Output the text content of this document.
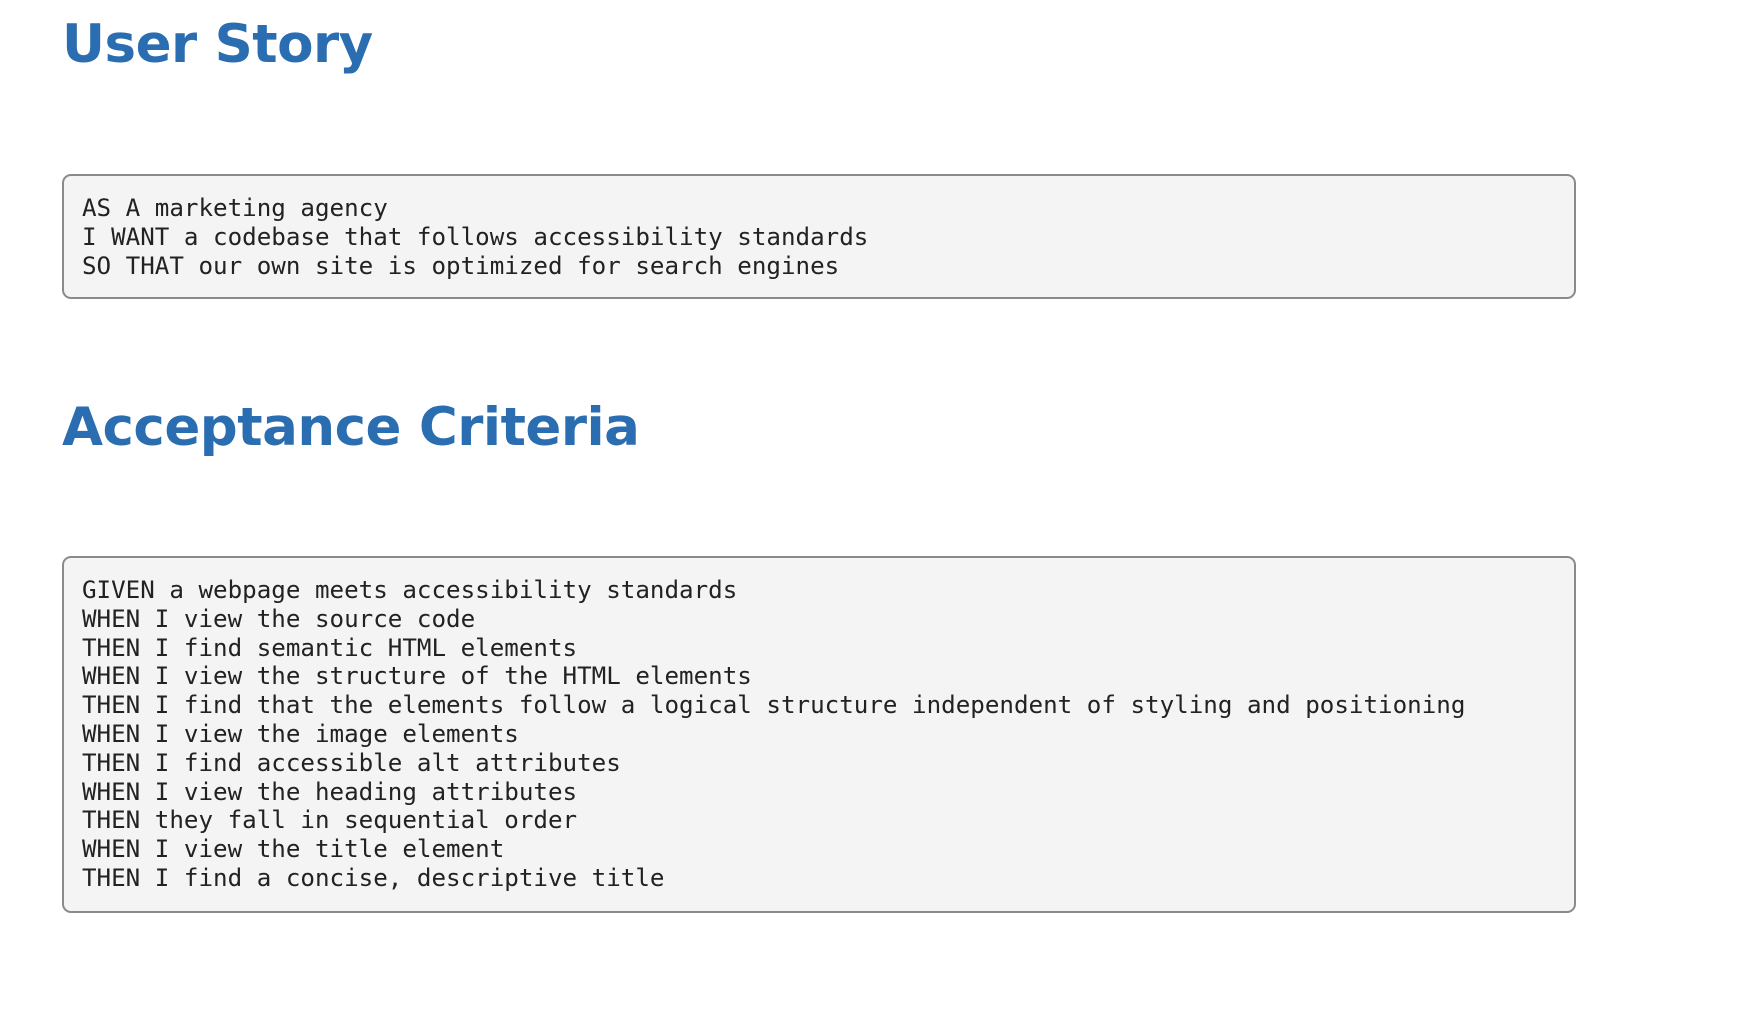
User Story
AS A marketing agency
I WANT a codebase that follows accessibility standards
SO THAT our own site is optimized for search engines
Acceptance Criteria
GIVEN a webpage meets accessibility standards
WHEN I view the source code
THEN I find semantic HTML elements
WHEN I view the structure of the HTML elements
THEN I find that the elements follow a logical structure independent of styling and positioning
WHEN I view the image elements
THEN I find accessible alt attributes
WHEN I view the heading attributes
THEN they fall in sequential order
WHEN I view the title element
THEN I find a concise, descriptive title
